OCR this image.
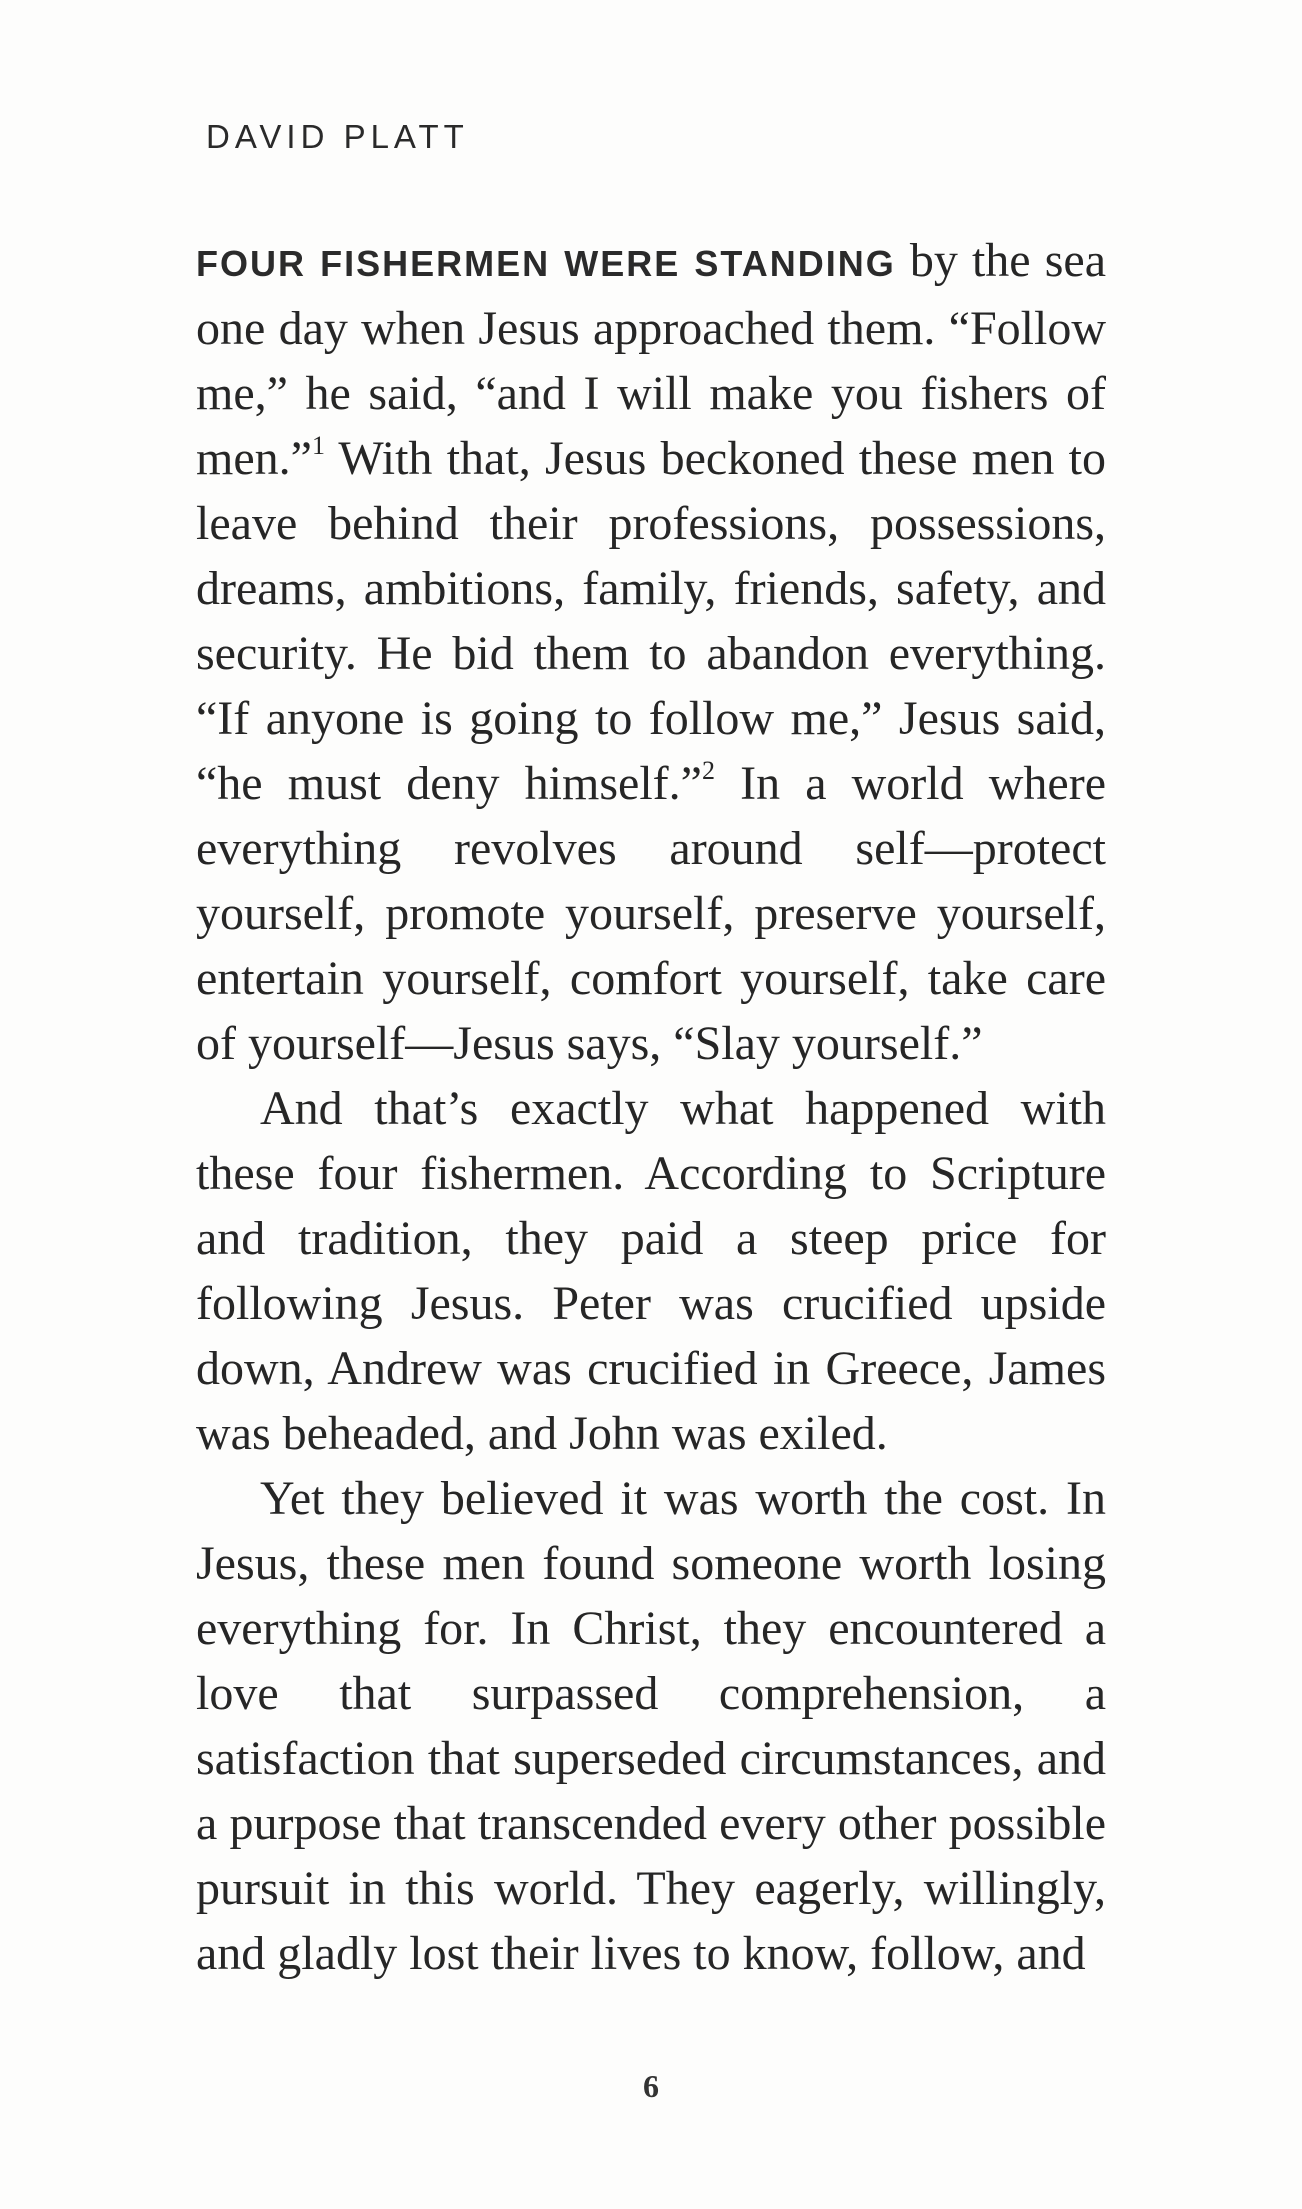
DAVID PLATT

FOUR FISHERMEN WERE STANDING by the sea one day when Jesus approached them. “Follow me,” he said, “and I will make you fishers of men.”$^1$ With that, Jesus beckoned these men to leave behind their professions, possessions, dreams, ambitions, family, friends, safety, and security. He bid them to abandon everything. “If anyone is going to follow me,” Jesus said, “he must deny himself.”$^2$ In a world where everything revolves around self—protect yourself, promote yourself, preserve yourself, entertain yourself, comfort yourself, take care of yourself—Jesus says, “Slay yourself.”

And that’s exactly what happened with these four fishermen. According to Scripture and tradition, they paid a steep price for following Jesus. Peter was crucified upside down, Andrew was crucified in Greece, James was beheaded, and John was exiled.

Yet they believed it was worth the cost. In Jesus, these men found someone worth losing everything for. In Christ, they encountered a love that surpassed comprehension, a satisfaction that superseded circumstances, and a purpose that transcended every other possible pursuit in this world. They eagerly, willingly, and gladly lost their lives to know, follow, and

6
